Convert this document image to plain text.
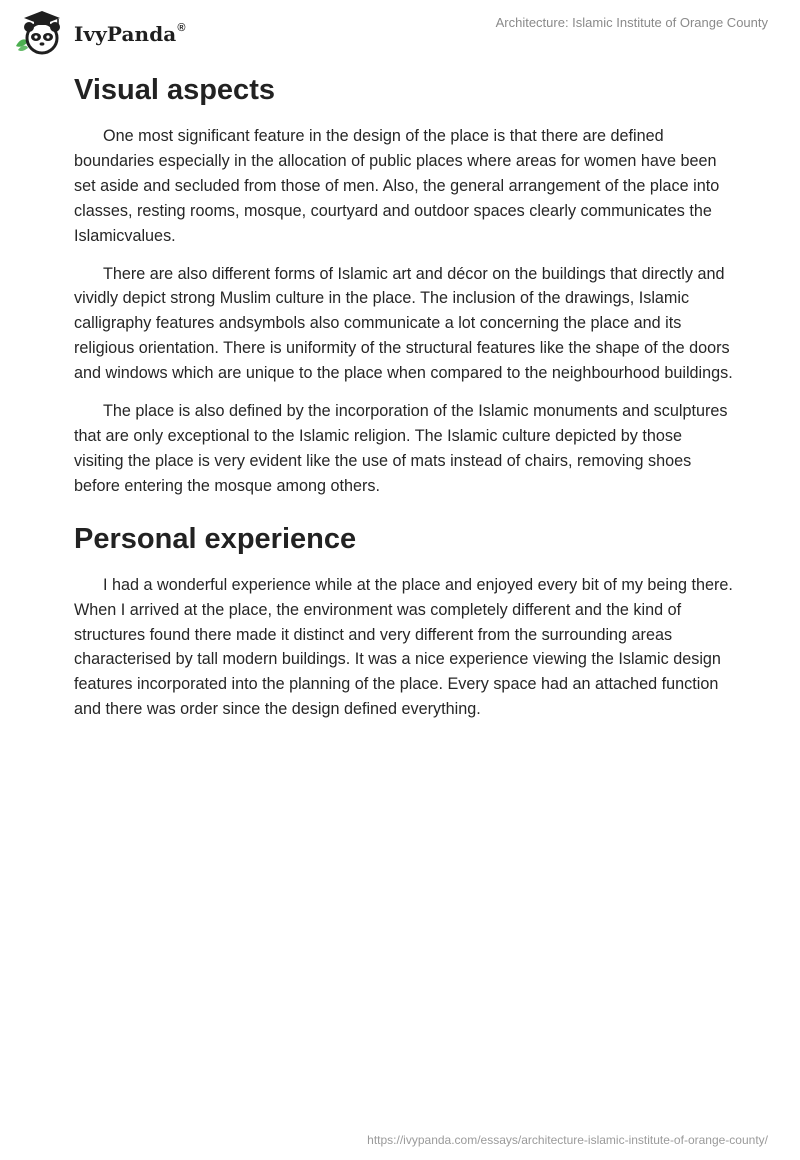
IvyPanda®	Architecture: Islamic Institute of Orange County
Visual aspects

One most significant feature in the design of the place is that there are defined boundaries especially in the allocation of public places where areas for women have been set aside and secluded from those of men. Also, the general arrangement of the place into classes, resting rooms, mosque, courtyard and outdoor spaces clearly communicates the Islamicvalues.

There are also different forms of Islamic art and décor on the buildings that directly and vividly depict strong Muslim culture in the place. The inclusion of the drawings, Islamic calligraphy features andsymbols also communicate a lot concerning the place and its religious orientation. There is uniformity of the structural features like the shape of the doors and windows which are unique to the place when compared to the neighbourhood buildings.

The place is also defined by the incorporation of the Islamic monuments and sculptures that are only exceptional to the Islamic religion. The Islamic culture depicted by those visiting the place is very evident like the use of mats instead of chairs, removing shoes before entering the mosque among others.

Personal experience

I had a wonderful experience while at the place and enjoyed every bit of my being there. When I arrived at the place, the environment was completely different and the kind of structures found there made it distinct and very different from the surrounding areas characterised by tall modern buildings. It was a nice experience viewing the Islamic design features incorporated into the planning of the place. Every space had an attached function and there was order since the design defined everything.

https://ivypanda.com/essays/architecture-islamic-institute-of-orange-county/
